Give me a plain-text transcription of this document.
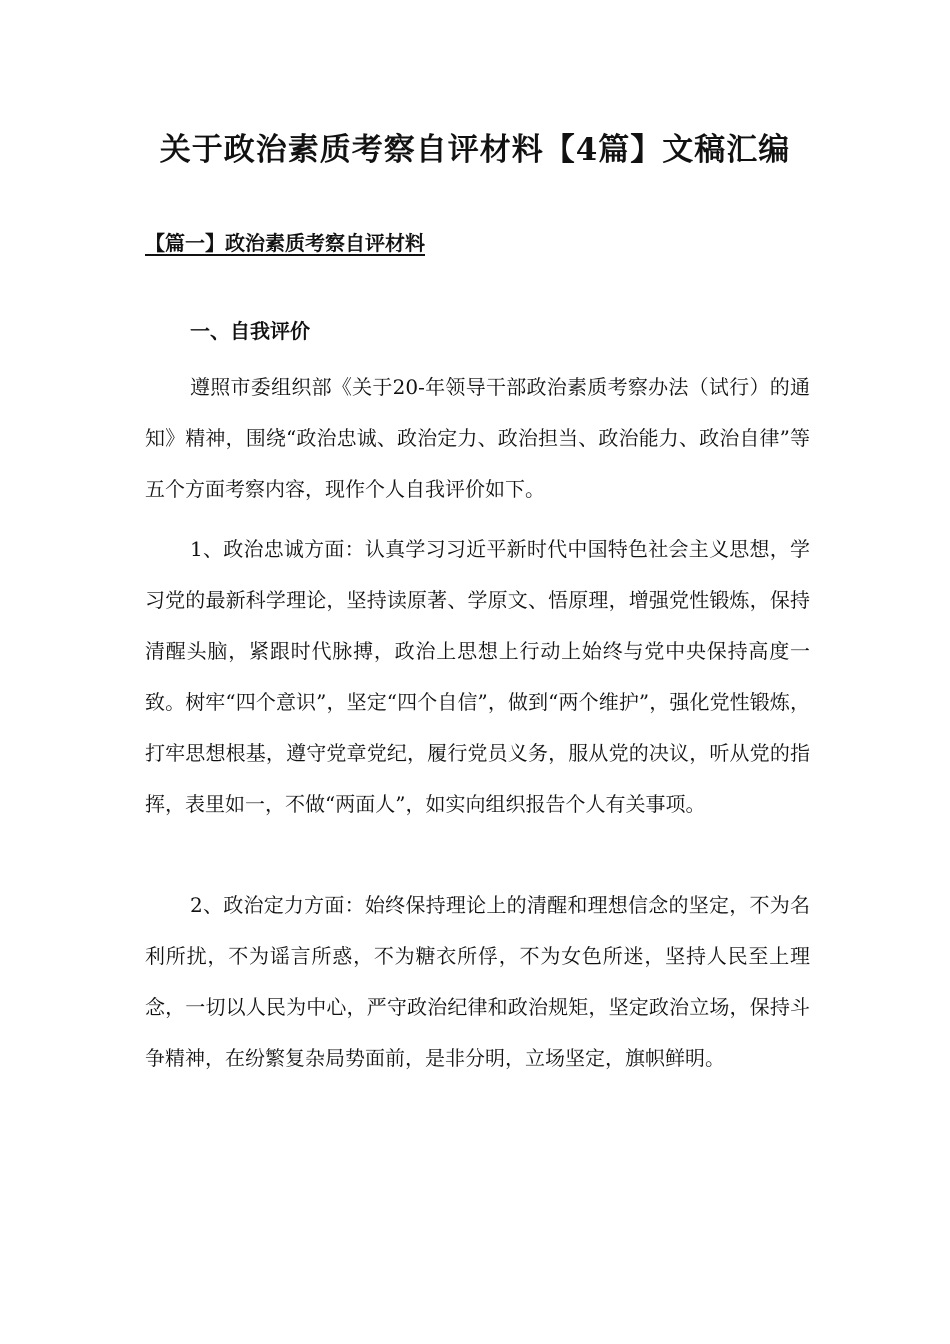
关于政治素质考察自评材料【4篇】文稿汇编
【篇一】政治素质考察自评材料
一、自我评价

遵照市委组织部《关于20-年领导干部政治素质考察办法（试行）的通知》精神，围绕“政治忠诚、政治定力、政治担当、政治能力、政治自律”等五个方面考察内容，现作个人自我评价如下。

1、政治忠诚方面：认真学习习近平新时代中国特色社会主义思想，学习党的最新科学理论，坚持读原著、学原文、悟原理，增强党性锻炼，保持清醒头脑，紧跟时代脉搏，政治上思想上行动上始终与党中央保持高度一致。树牢“四个意识”，坚定“四个自信”，做到“两个维护”，强化党性锻炼，打牢思想根基，遵守党章党纪，履行党员义务，服从党的决议，听从党的指挥，表里如一，不做“两面人”，如实向组织报告个人有关事项。

2、政治定力方面：始终保持理论上的清醒和理想信念的坚定，不为名利所扰，不为谣言所惑，不为糖衣所俘，不为女色所迷，坚持人民至上理念，一切以人民为中心，严守政治纪律和政治规矩，坚定政治立场，保持斗争精神，在纷繁复杂局势面前，是非分明，立场坚定，旗帜鲜明。
